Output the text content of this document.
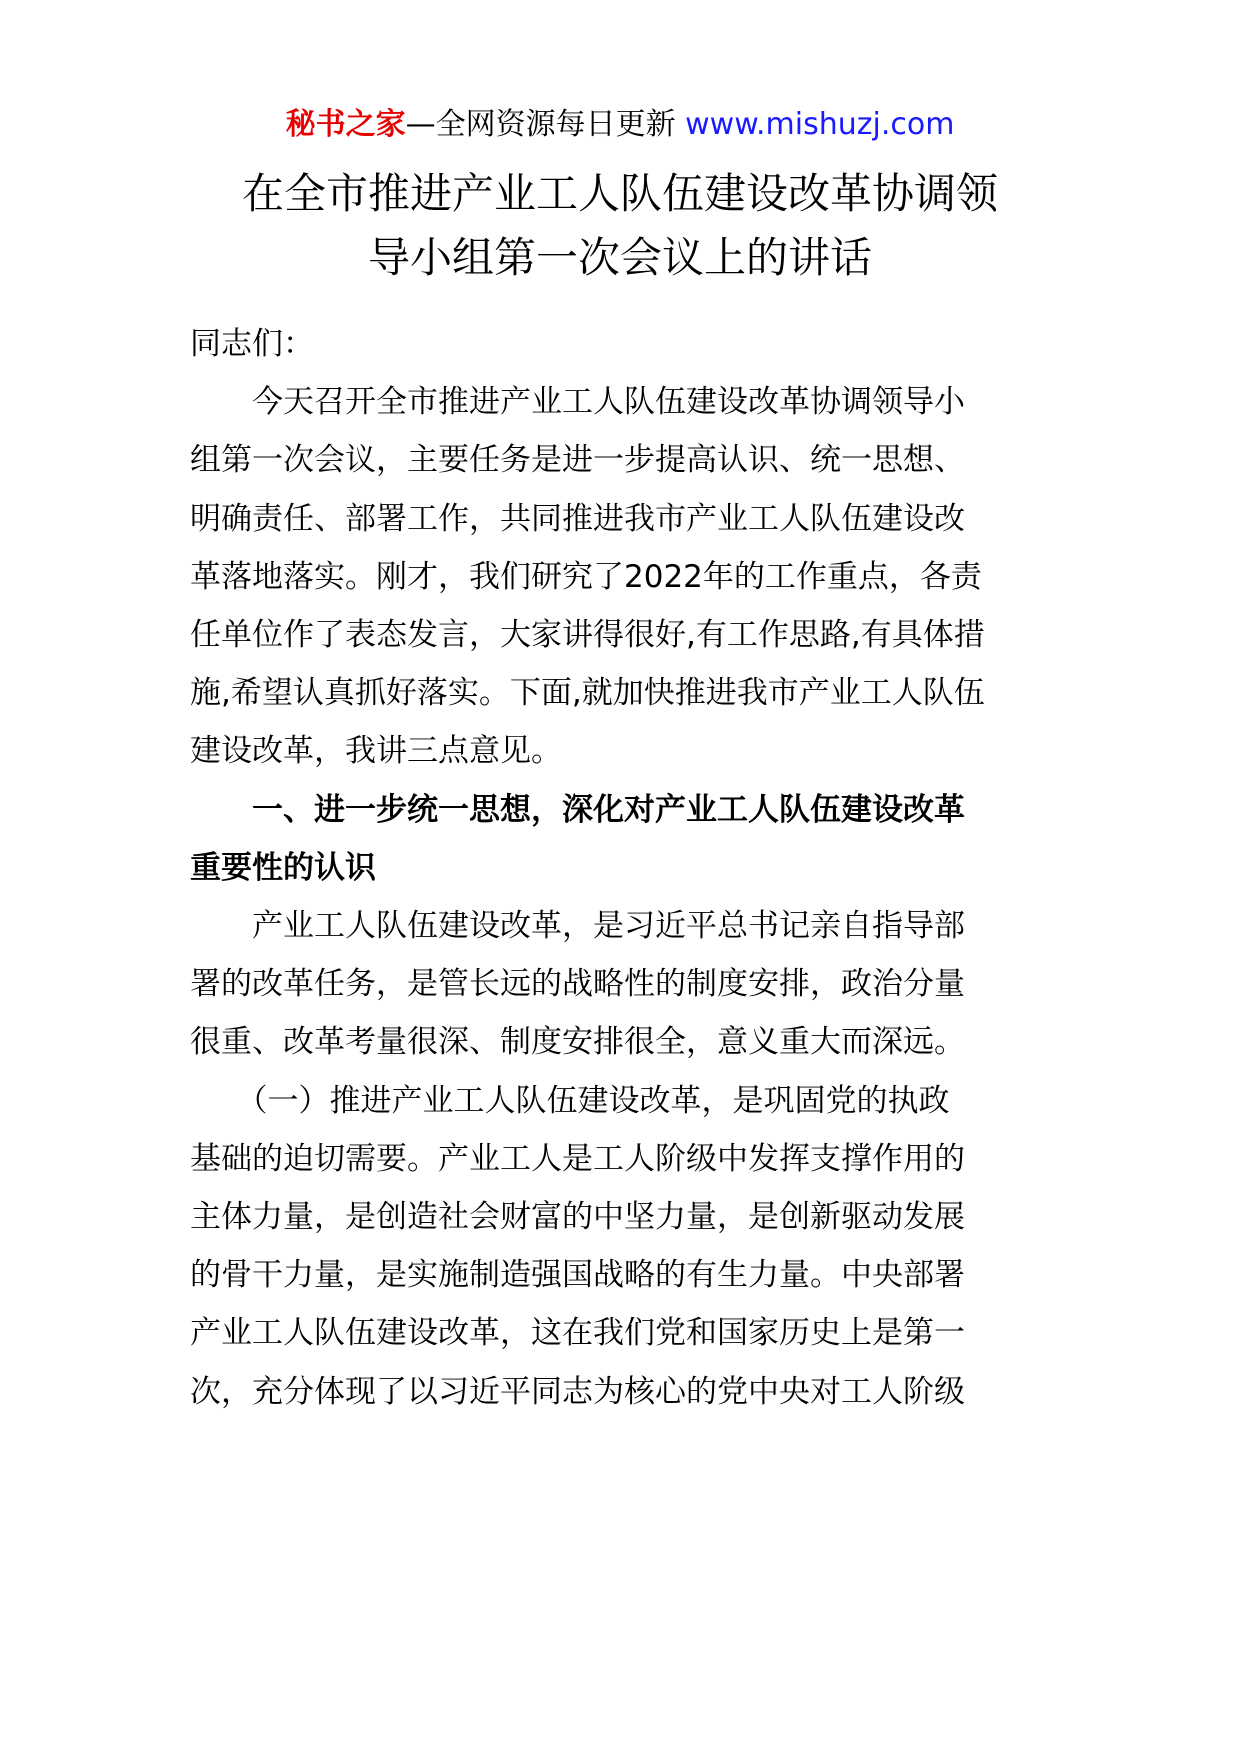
秘书之家—全网资源每日更新 www.mishuzj.com
在全市推进产业工人队伍建设改革协调领
导小组第一次会议上的讲话
同志们：
　　今天召开全市推进产业工人队伍建设改革协调领导小
组第一次会议，主要任务是进一步提高认识、统一思想、
明确责任、部署工作，共同推进我市产业工人队伍建设改
革落地落实。刚才，我们研究了2022年的工作重点，各责
任单位作了表态发言，大家讲得很好,有工作思路,有具体措
施,希望认真抓好落实。下面,就加快推进我市产业工人队伍
建设改革，我讲三点意见。
　　一、进一步统一思想，深化对产业工人队伍建设改革
重要性的认识
　　产业工人队伍建设改革，是习近平总书记亲自指导部
署的改革任务，是管长远的战略性的制度安排，政治分量
很重、改革考量很深、制度安排很全，意义重大而深远。
　　（一）推进产业工人队伍建设改革，是巩固党的执政
基础的迫切需要。产业工人是工人阶级中发挥支撑作用的
主体力量，是创造社会财富的中坚力量，是创新驱动发展
的骨干力量，是实施制造强国战略的有生力量。中央部署
产业工人队伍建设改革，这在我们党和国家历史上是第一
次，充分体现了以习近平同志为核心的党中央对工人阶级
